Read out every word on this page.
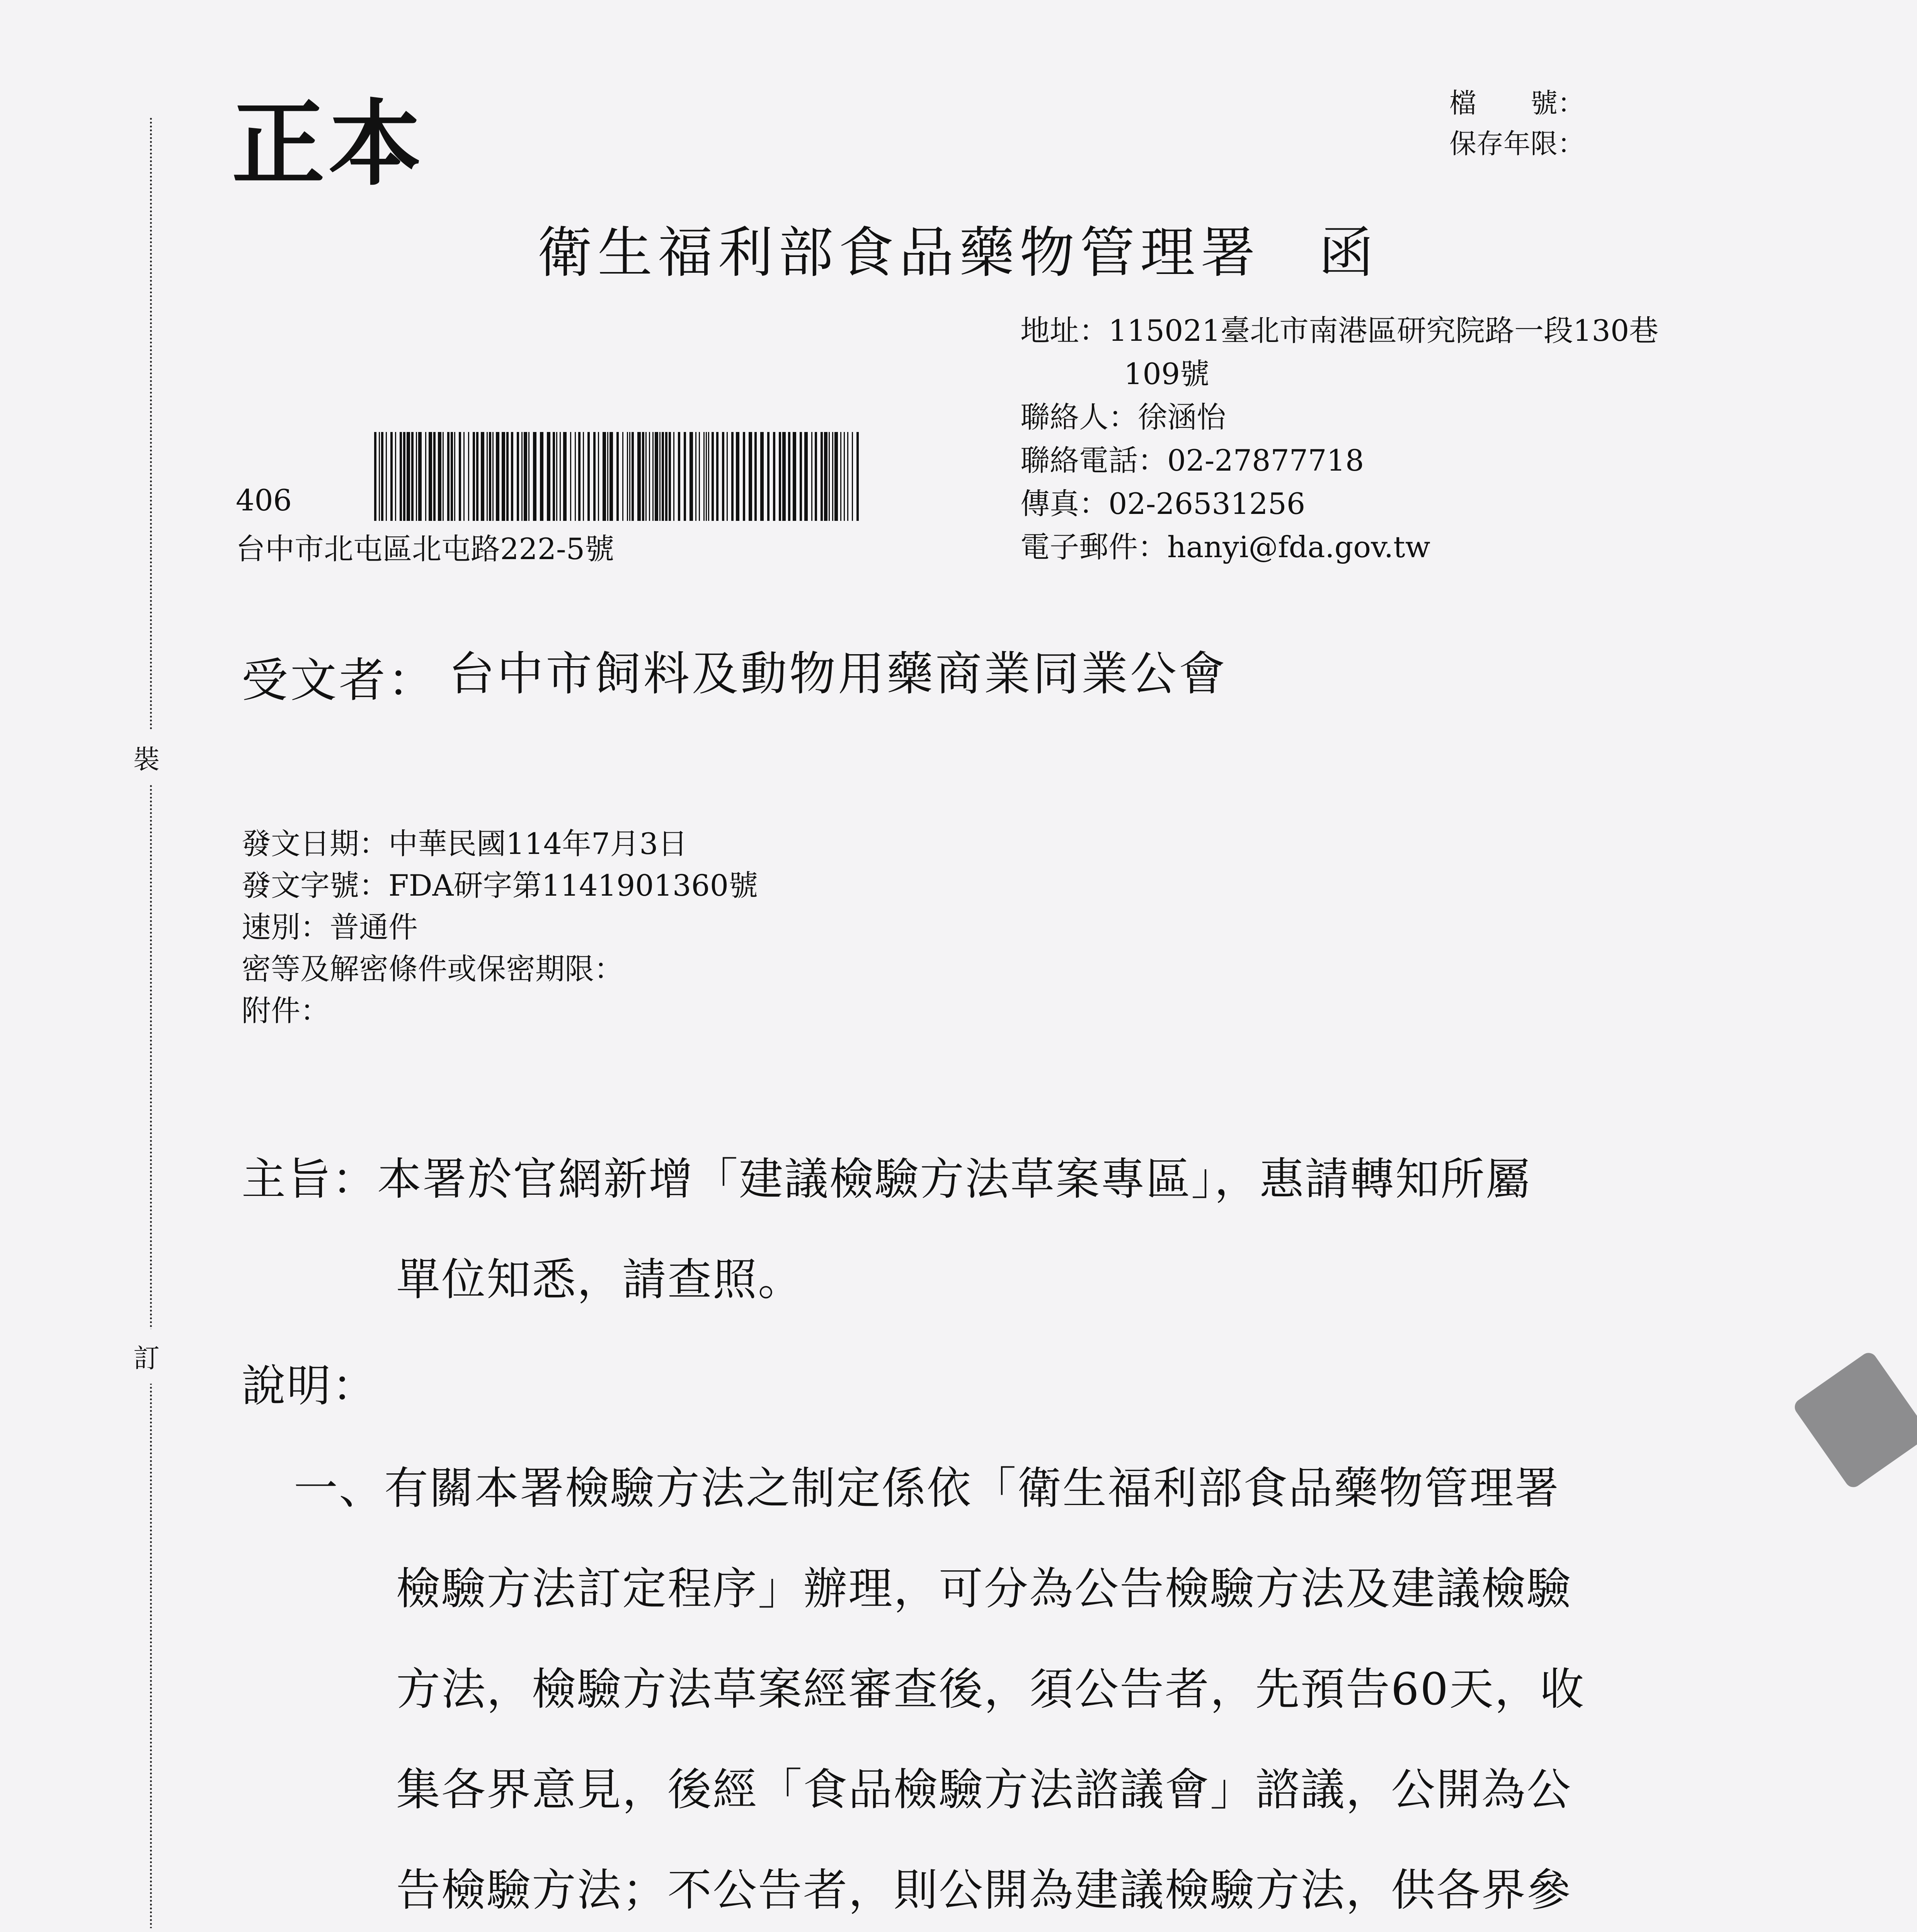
正本	檔　　號：
保存年限：
衛生福利部食品藥物管理署 函
地址：115021臺北市南港區研究院路一段130巷
109號
聯絡人：徐涵怡
聯絡電話：02-27877718
傳真：02-26531256
電子郵件：hanyi@fda.gov.tw
406
台中市北屯區北屯路222-5號
裝
訂
受文者： 台中市飼料及動物用藥商業同業公會
發文日期：中華民國114年7月3日
發文字號：FDA研字第1141901360號
速別：普通件
密等及解密條件或保密期限：
附件：
主旨：本署於官網新增「建議檢驗方法草案專區」，惠請轉知所屬
單位知悉，請查照。
說明：
一、有關本署檢驗方法之制定係依「衛生福利部食品藥物管理署
檢驗方法訂定程序」辦理，可分為公告檢驗方法及建議檢驗
方法，檢驗方法草案經審查後，須公告者，先預告60天，收
集各界意見，後經「食品檢驗方法諮議會」諮議，公開為公
告檢驗方法；不公告者，則公開為建議檢驗方法，供各界參
